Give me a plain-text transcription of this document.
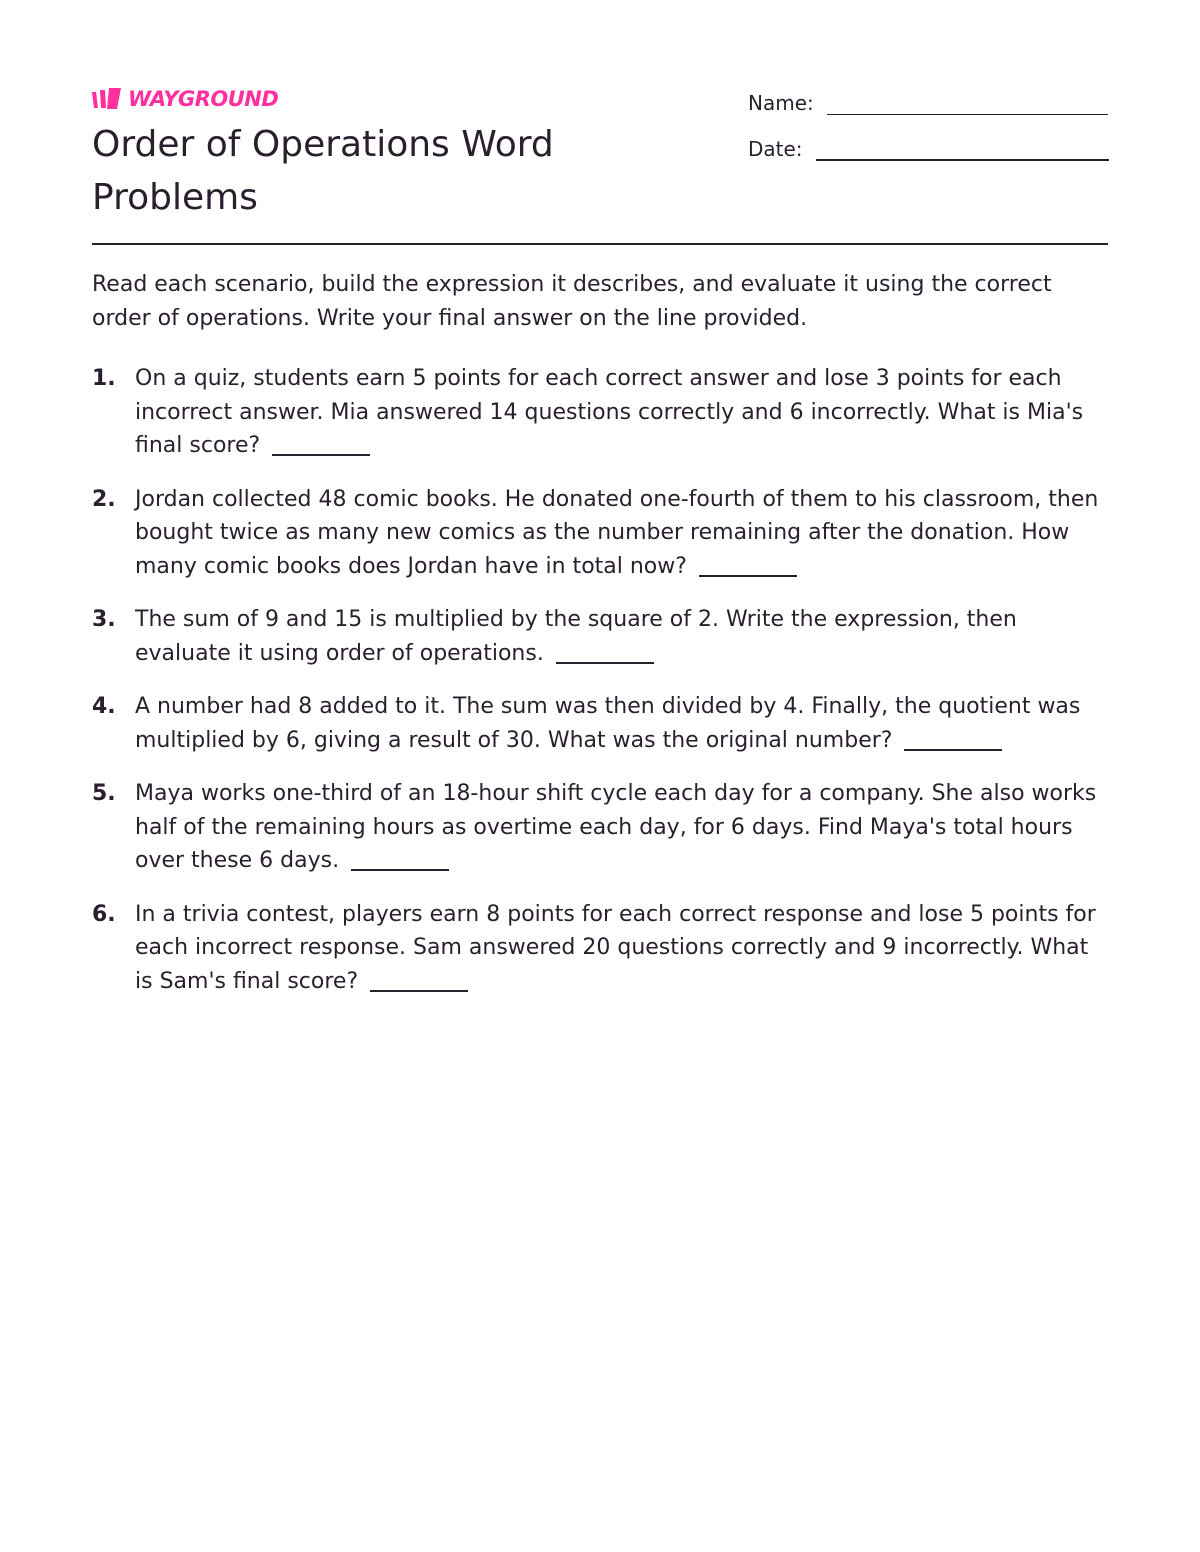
WAYGROUND
Order of Operations Word Problems
Name:
Date:

Read each scenario, build the expression it describes, and evaluate it using the correct order of operations. Write your final answer on the line provided.

1. On a quiz, students earn 5 points for each correct answer and lose 3 points for each incorrect answer. Mia answered 14 questions correctly and 6 incorrectly. What is Mia's final score?
2. Jordan collected 48 comic books. He donated one-fourth of them to his classroom, then bought twice as many new comics as the number remaining after the donation. How many comic books does Jordan have in total now?
3. The sum of 9 and 15 is multiplied by the square of 2. Write the expression, then evaluate it using order of operations.
4. A number had 8 added to it. The sum was then divided by 4. Finally, the quotient was multiplied by 6, giving a result of 30. What was the original number?
5. Maya works one-third of an 18-hour shift cycle each day for a company. She also works half of the remaining hours as overtime each day, for 6 days. Find Maya's total hours over these 6 days.
6. In a trivia contest, players earn 8 points for each correct response and lose 5 points for each incorrect response. Sam answered 20 questions correctly and 9 incorrectly. What is Sam's final score?
